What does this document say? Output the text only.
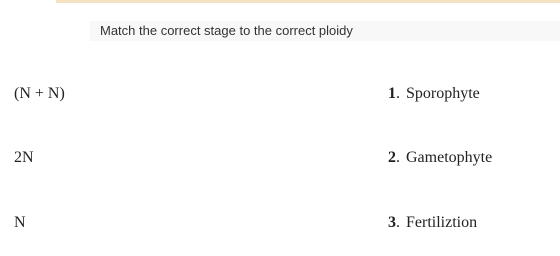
Match the correct stage to the correct ploidy
(N + N)
2N
N
1. Sporophyte
2. Gametophyte
3. Fertiliztion
